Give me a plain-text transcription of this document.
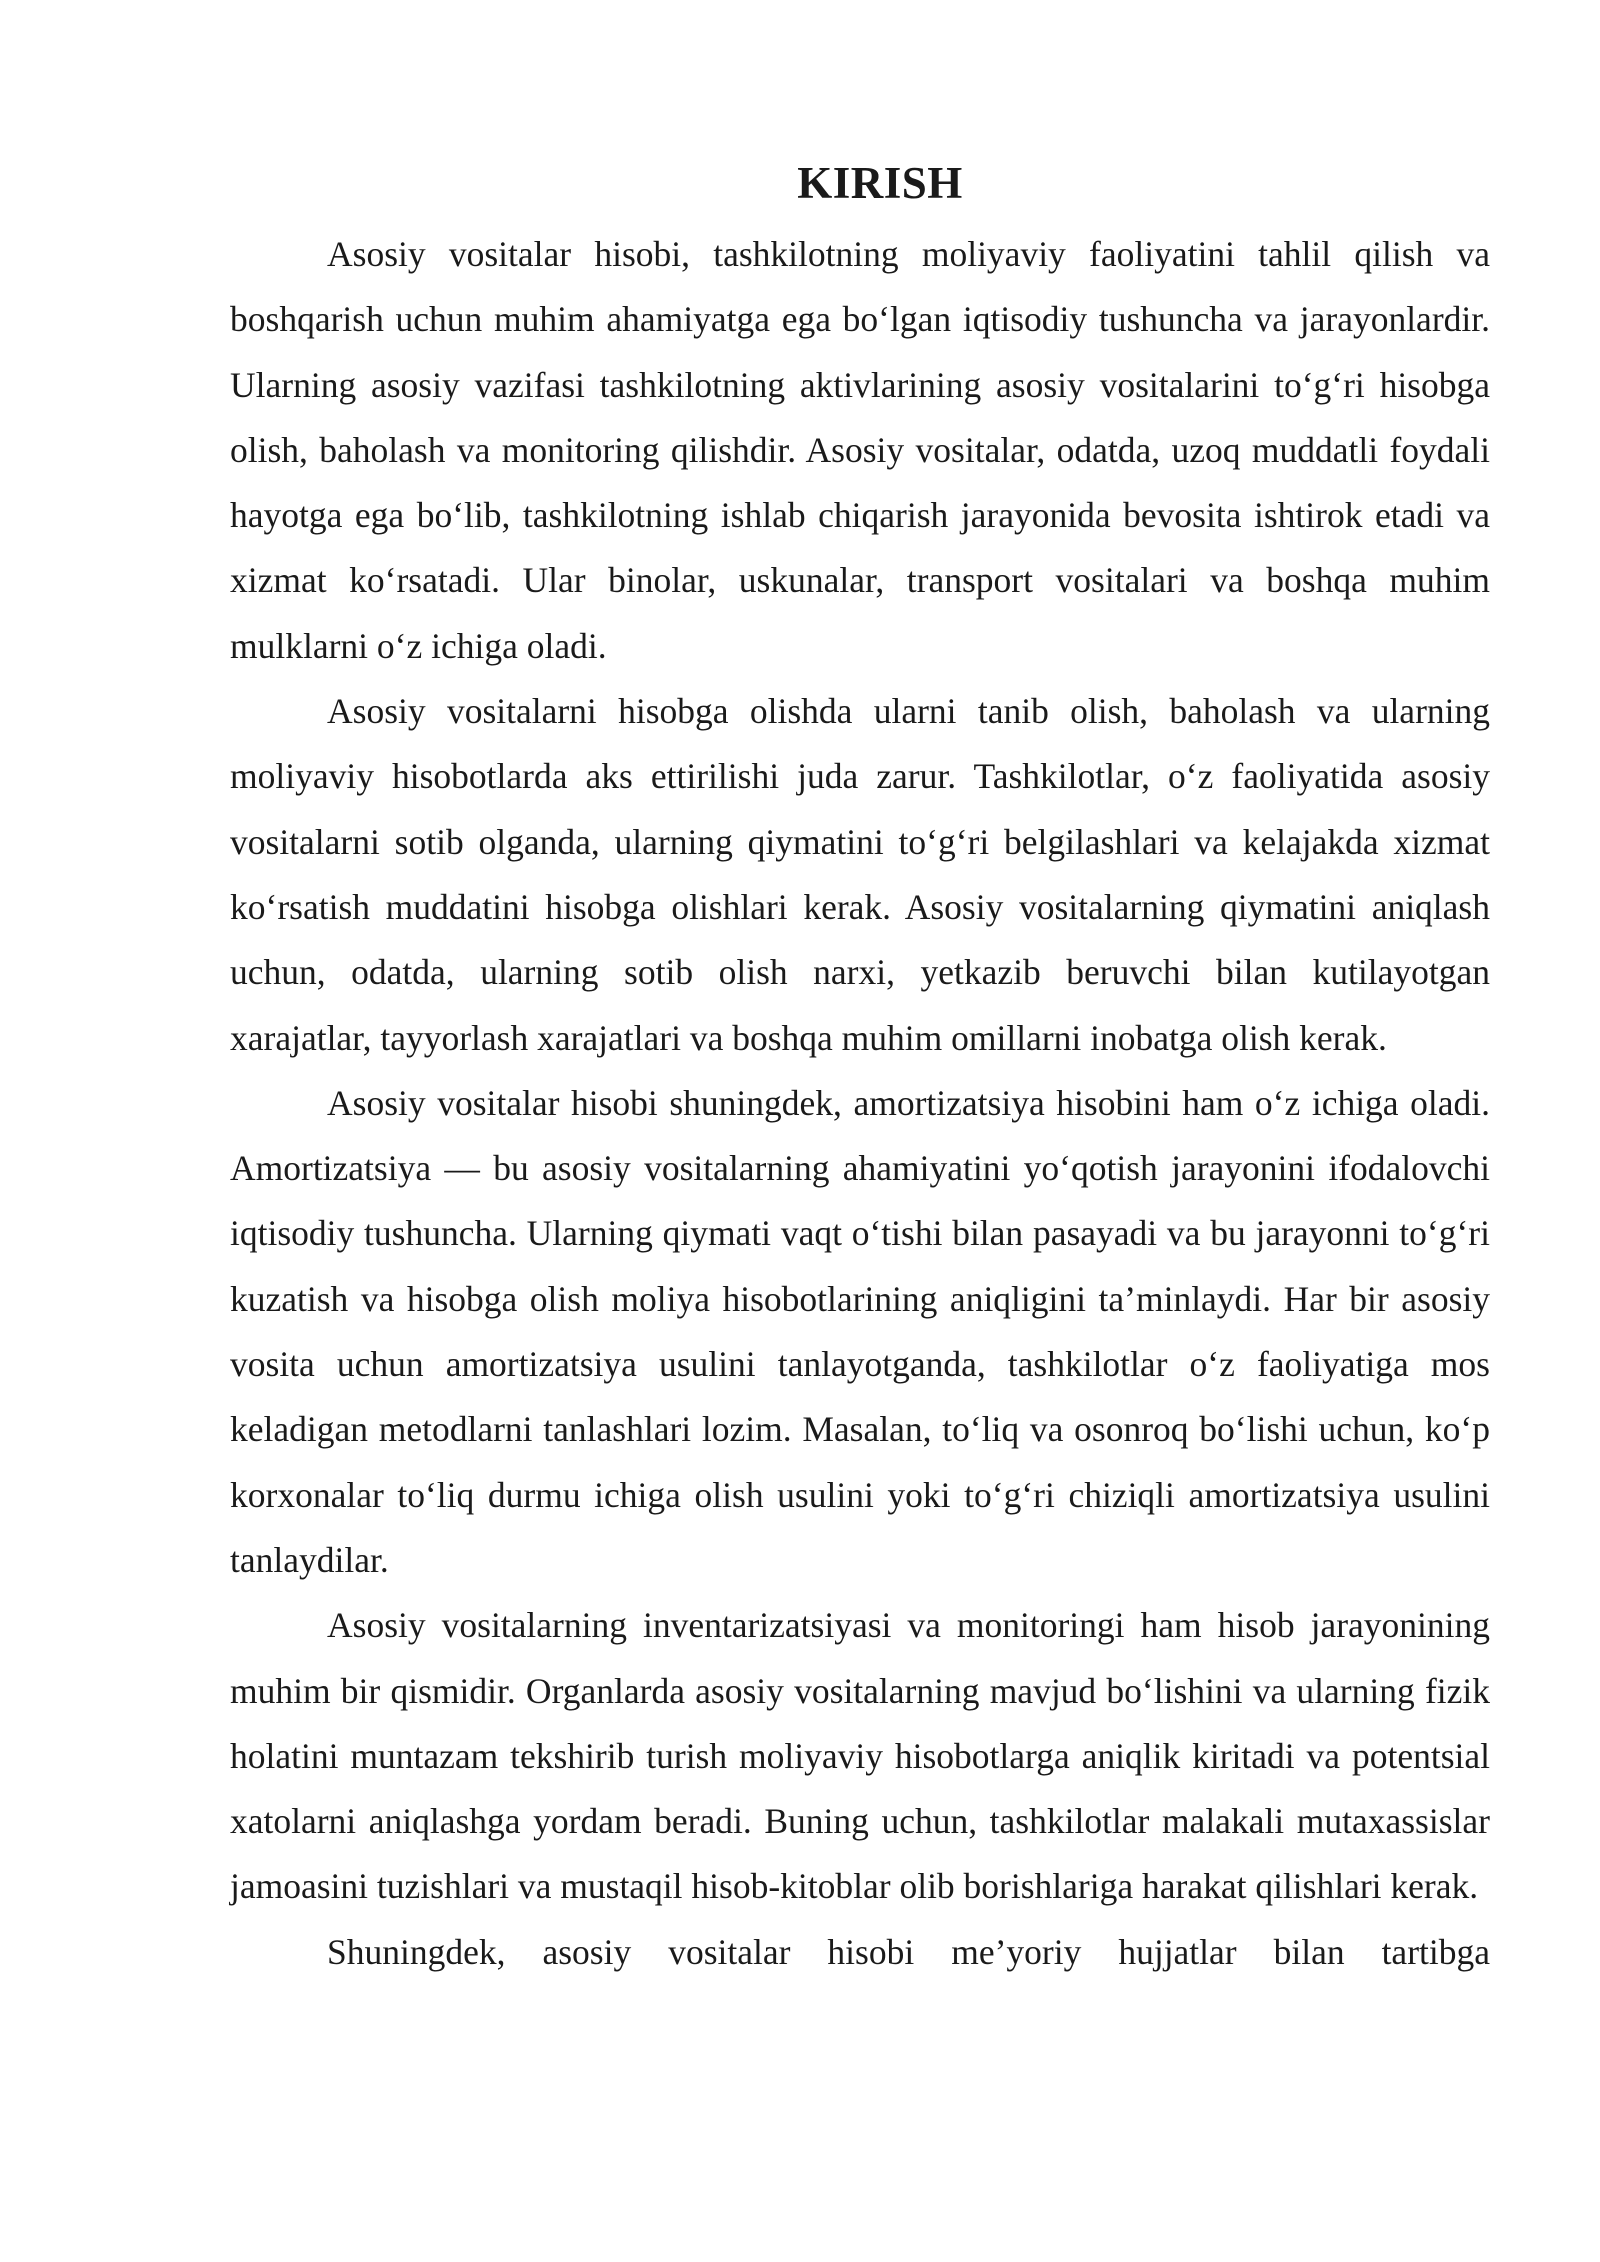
KIRISH

Asosiy vositalar hisobi, tashkilotning moliyaviy faoliyatini tahlil qilish va boshqarish uchun muhim ahamiyatga ega bo‘lgan iqtisodiy tushuncha va jarayonlardir. Ularning asosiy vazifasi tashkilotning aktivlarining asosiy vositalarini to‘g‘ri hisobga olish, baholash va monitoring qilishdir. Asosiy vositalar, odatda, uzoq muddatli foydali hayotga ega bo‘lib, tashkilotning ishlab chiqarish jarayonida bevosita ishtirok etadi va xizmat ko‘rsatadi. Ular binolar, uskunalar, transport vositalari va boshqa muhim mulklarni o‘z ichiga oladi.

Asosiy vositalarni hisobga olishda ularni tanib olish, baholash va ularning moliyaviy hisobotlarda aks ettirilishi juda zarur. Tashkilotlar, o‘z faoliyatida asosiy vositalarni sotib olganda, ularning qiymatini to‘g‘ri belgilashlari va kelajakda xizmat ko‘rsatish muddatini hisobga olishlari kerak. Asosiy vositalarning qiymatini aniqlash uchun, odatda, ularning sotib olish narxi, yetkazib beruvchi bilan kutilayotgan xarajatlar, tayyorlash xarajatlari va boshqa muhim omillarni inobatga olish kerak.

Asosiy vositalar hisobi shuningdek, amortizatsiya hisobini ham o‘z ichiga oladi. Amortizatsiya — bu asosiy vositalarning ahamiyatini yo‘qotish jarayonini ifodalovchi iqtisodiy tushuncha. Ularning qiymati vaqt o‘tishi bilan pasayadi va bu jarayonni to‘g‘ri kuzatish va hisobga olish moliya hisobotlarining aniqligini ta’minlaydi. Har bir asosiy vosita uchun amortizatsiya usulini tanlayotganda, tashkilotlar o‘z faoliyatiga mos keladigan metodlarni tanlashlari lozim. Masalan, to‘liq va osonroq bo‘lishi uchun, ko‘p korxonalar to‘liq durmu ichiga olish usulini yoki to‘g‘ri chiziqli amortizatsiya usulini tanlaydilar.

Asosiy vositalarning inventarizatsiyasi va monitoringi ham hisob jarayonining muhim bir qismidir. Organlarda asosiy vositalarning mavjud bo‘lishini va ularning fizik holatini muntazam tekshirib turish moliyaviy hisobotlarga aniqlik kiritadi va potentsial xatolarni aniqlashga yordam beradi. Buning uchun, tashkilotlar malakali mutaxassislar jamoasini tuzishlari va mustaqil hisob-kitoblar olib borishlariga harakat qilishlari kerak.

Shuningdek, asosiy vositalar hisobi me’yoriy hujjatlar bilan tartibga
